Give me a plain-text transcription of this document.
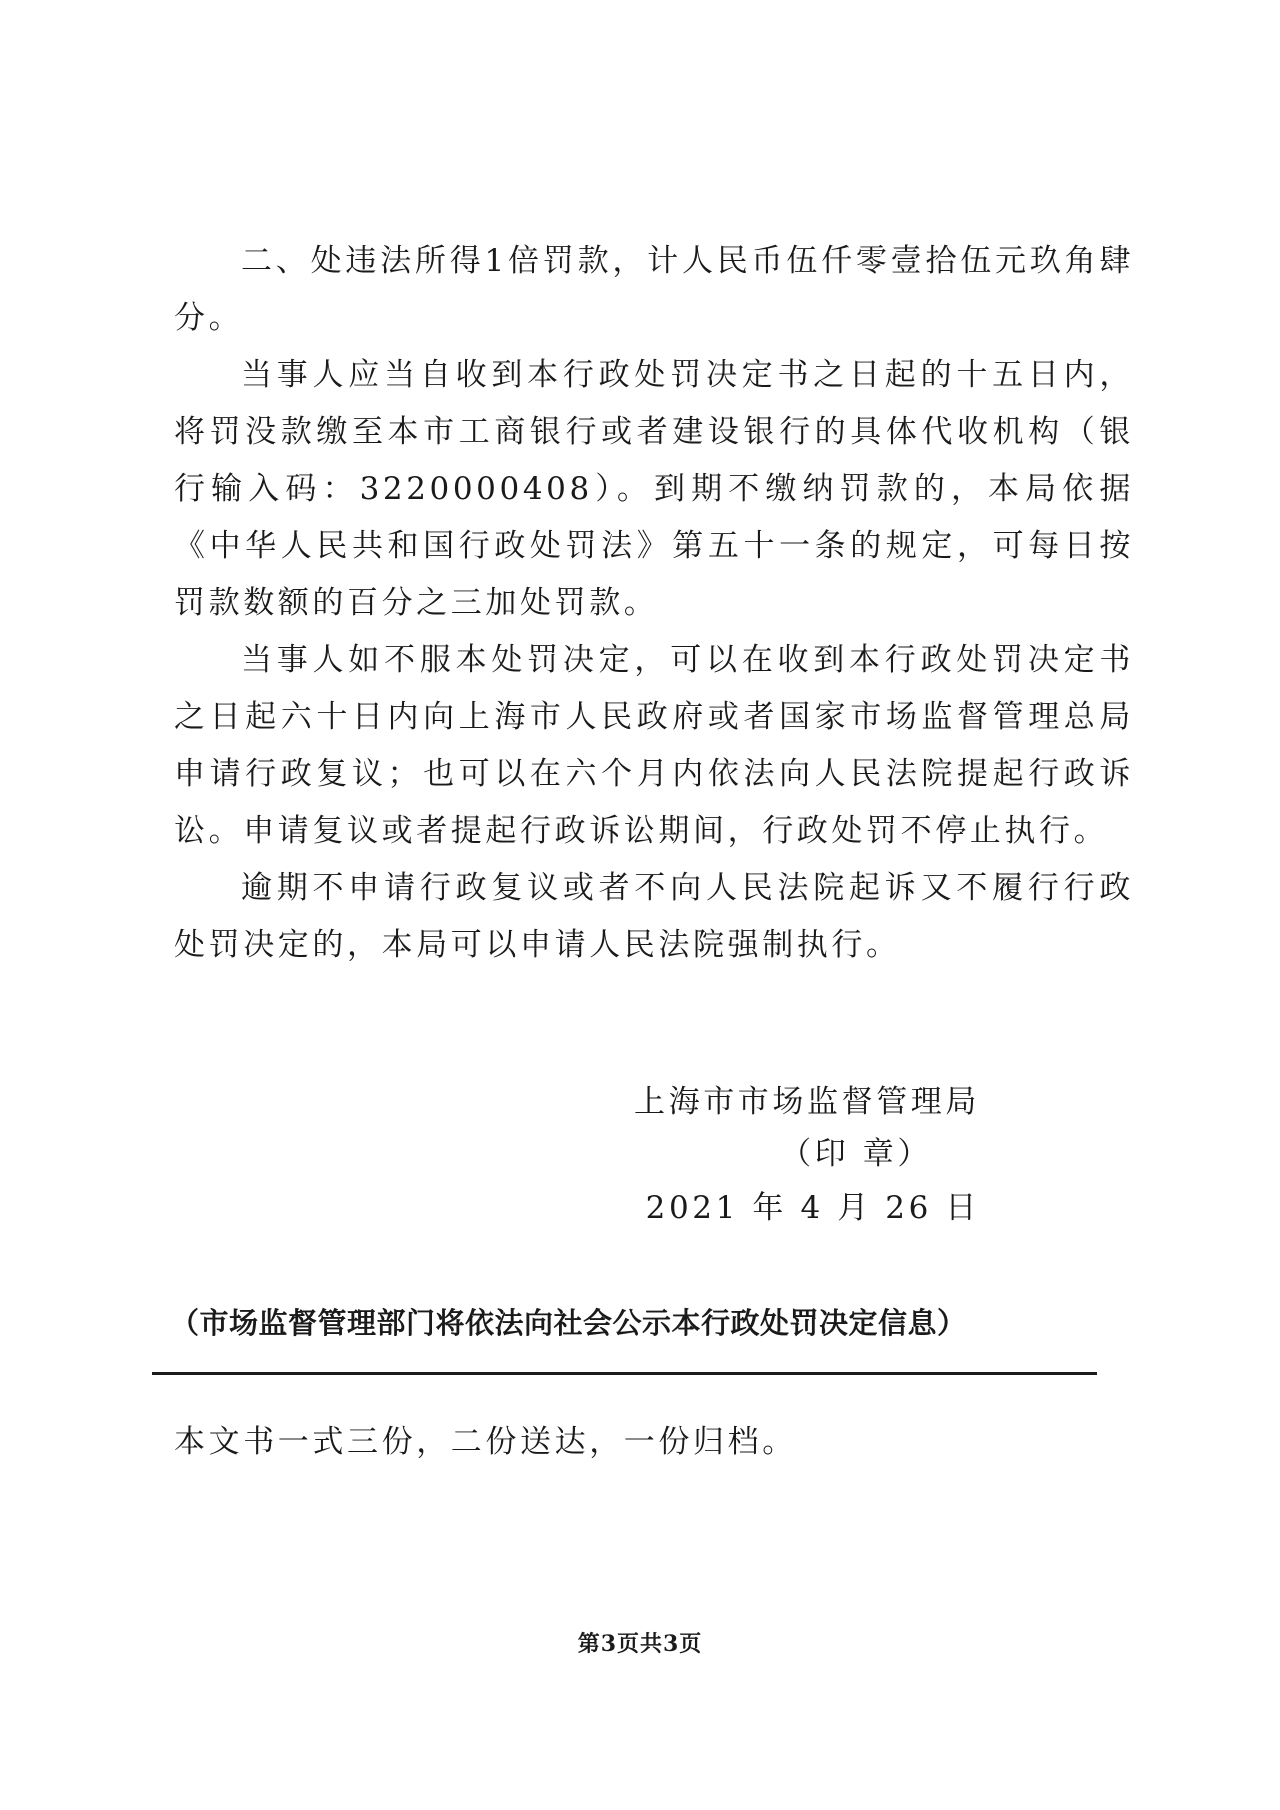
二、处违法所得1倍罚款，计人民币伍仟零壹拾伍元玖角肆分。

当事人应当自收到本行政处罚决定书之日起的十五日内，将罚没款缴至本市工商银行或者建设银行的具体代收机构（银行输入码：3220000408）。到期不缴纳罚款的，本局依据《中华人民共和国行政处罚法》第五十一条的规定，可每日按罚款数额的百分之三加处罚款。

当事人如不服本处罚决定，可以在收到本行政处罚决定书之日起六十日内向上海市人民政府或者国家市场监督管理总局申请行政复议；也可以在六个月内依法向人民法院提起行政诉讼。申请复议或者提起行政诉讼期间，行政处罚不停止执行。

逾期不申请行政复议或者不向人民法院起诉又不履行行政处罚决定的，本局可以申请人民法院强制执行。

上海市市场监督管理局
（印 章）
2021 年 4 月 26 日
（市场监督管理部门将依法向社会公示本行政处罚决定信息）
本文书一式三份，二份送达，一份归档。
第3页共3页
